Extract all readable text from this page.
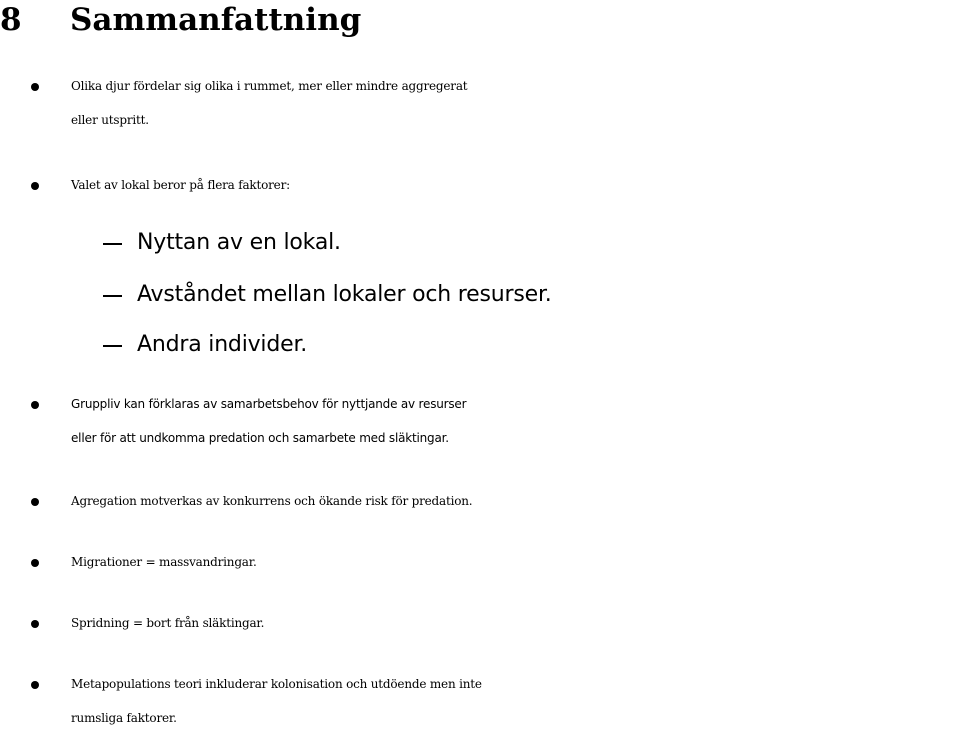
8 Sammanfattning
Olika djur fördelar sig olika i rummet, mer eller mindre aggregerat
eller utspritt.
Valet av lokal beror på flera faktorer:
Nyttan av en lokal.
Avståndet mellan lokaler och resurser.
Andra individer.
Gruppliv kan förklaras av samarbetsbehov för nyttjande av resurser
eller för att undkomma predation och samarbete med släktingar.
Agregation motverkas av konkurrens och ökande risk för predation.
Migrationer = massvandringar.
Spridning = bort från släktingar.
Metapopulations teori inkluderar kolonisation och utdöende men inte
rumsliga faktorer.
